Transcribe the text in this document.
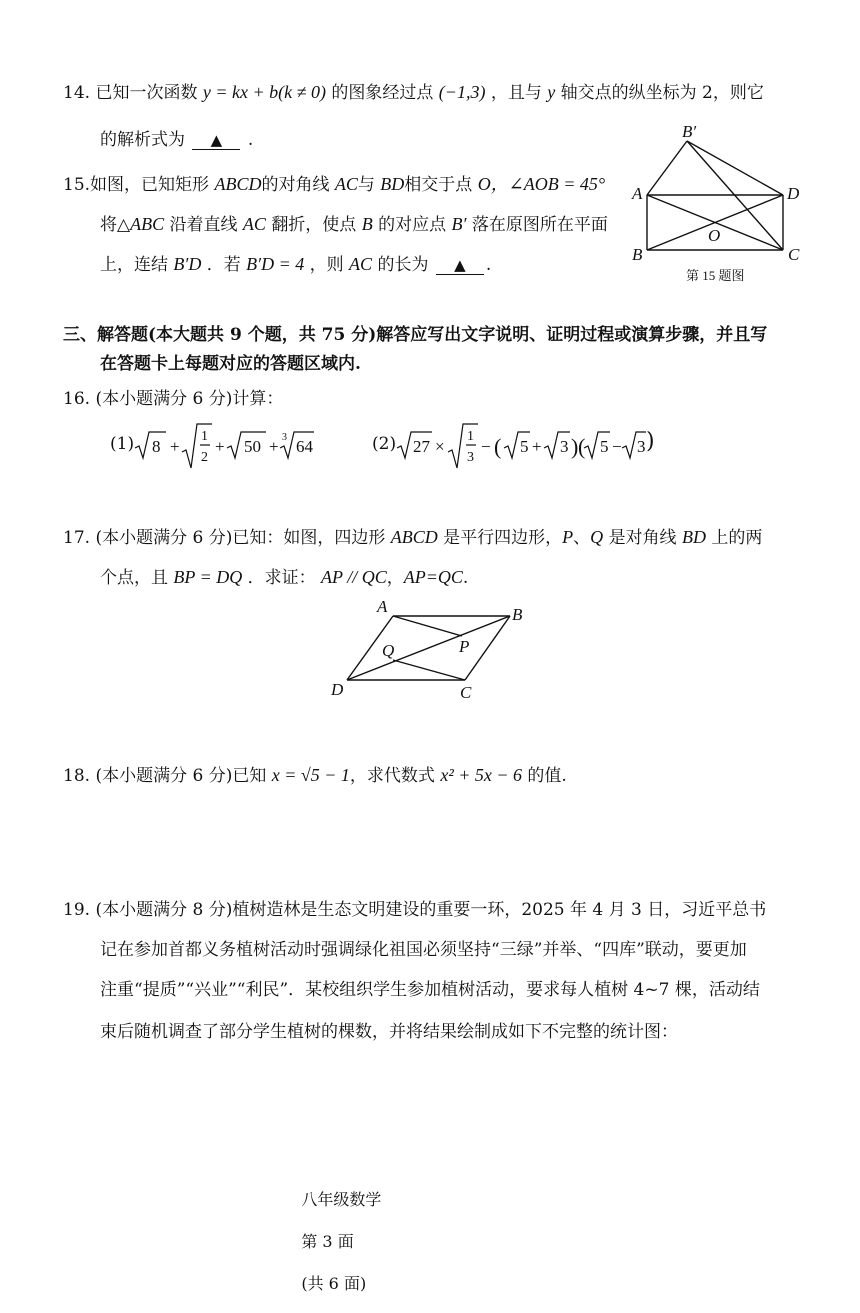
14. 已知一次函数 y = kx + b(k ≠ 0) 的图象经过点 (−1,3) ，且与 y 轴交点的纵坐标为 2，则它
的解析式为 ▲ .
15.如图，已知矩形 ABCD的对角线 AC与 BD相交于点 O，∠AOB = 45°
将△ABC 沿着直线 AC 翻折，使点 B 的对应点 B′ 落在原图所在平面
上，连结 B′D ．若 B′D = 4 ，则 AC 的长为 ▲ .
B′
A	D
O
B	C
第 15 题图
三、解答题(本大题共 9 个题，共 75 分)解答应写出文字说明、证明过程或演算步骤，并且写
在答题卡上每题对应的答题区域内.
16. (本小题满分 6 分)计算：
(1) 8 +
1
2
+ 50 + 3 64	(2) 27 ×
1
3
− ( 5 + 3 ) ( 5 − 3 )
17. (本小题满分 6 分)已知：如图，四边形 ABCD 是平行四边形，P、Q 是对角线 BD 上的两
个点，且 BP = DQ ．求证： AP // QC，AP=QC.
A	B
Q	P
D	C
18. (本小题满分 6 分)已知 x = √5 − 1，求代数式 x² + 5x − 6 的值.
19. (本小题满分 8 分)植树造林是生态文明建设的重要一环，2025 年 4 月 3 日，习近平总书
记在参加首都义务植树活动时强调绿化祖国必须坚持“三绿”并举、“四库”联动，要更加
注重“提质”“兴业”“利民”．某校组织学生参加植树活动，要求每人植树 4~7 棵，活动结
束后随机调查了部分学生植树的棵数，并将结果绘制成如下不完整的统计图：

八年级数学

第 3 面

(共 6 面)
